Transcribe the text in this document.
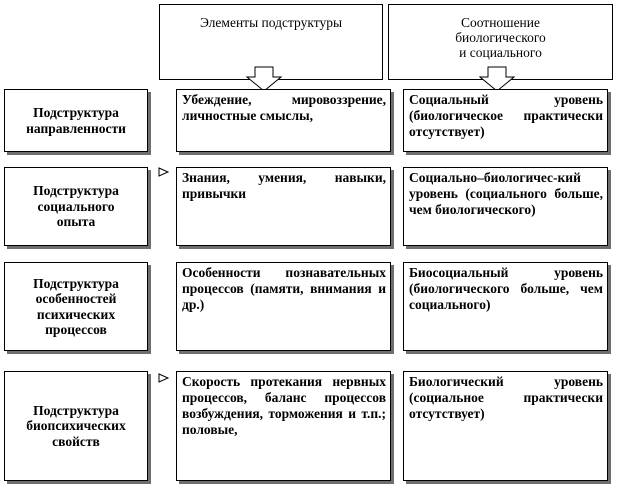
Элементы подструктуры	Соотношение
биологического
и социального
Подструктура
направленности
Убеждение, мировоззрение, личностные смыслы,
Социальный уровень (биологическое практически отсутствует)
Подструктура
социального
опыта
Знания, умения, навыки, привычки
Социально–биологичес-кий уровень (социального больше, чем биологического)
Подструктура
особенностей
психических
процессов
Особенности познавательных процессов (памяти, внимания и др.)
Биосоциальный уровень (биологического больше, чем социального)
Подструктура
биопсихических
свойств
Скорость протекания нервных процессов, баланс процессов возбуждения, торможения и т.п.; половые,
Биологический уровень (социальное практически отсутствует)
